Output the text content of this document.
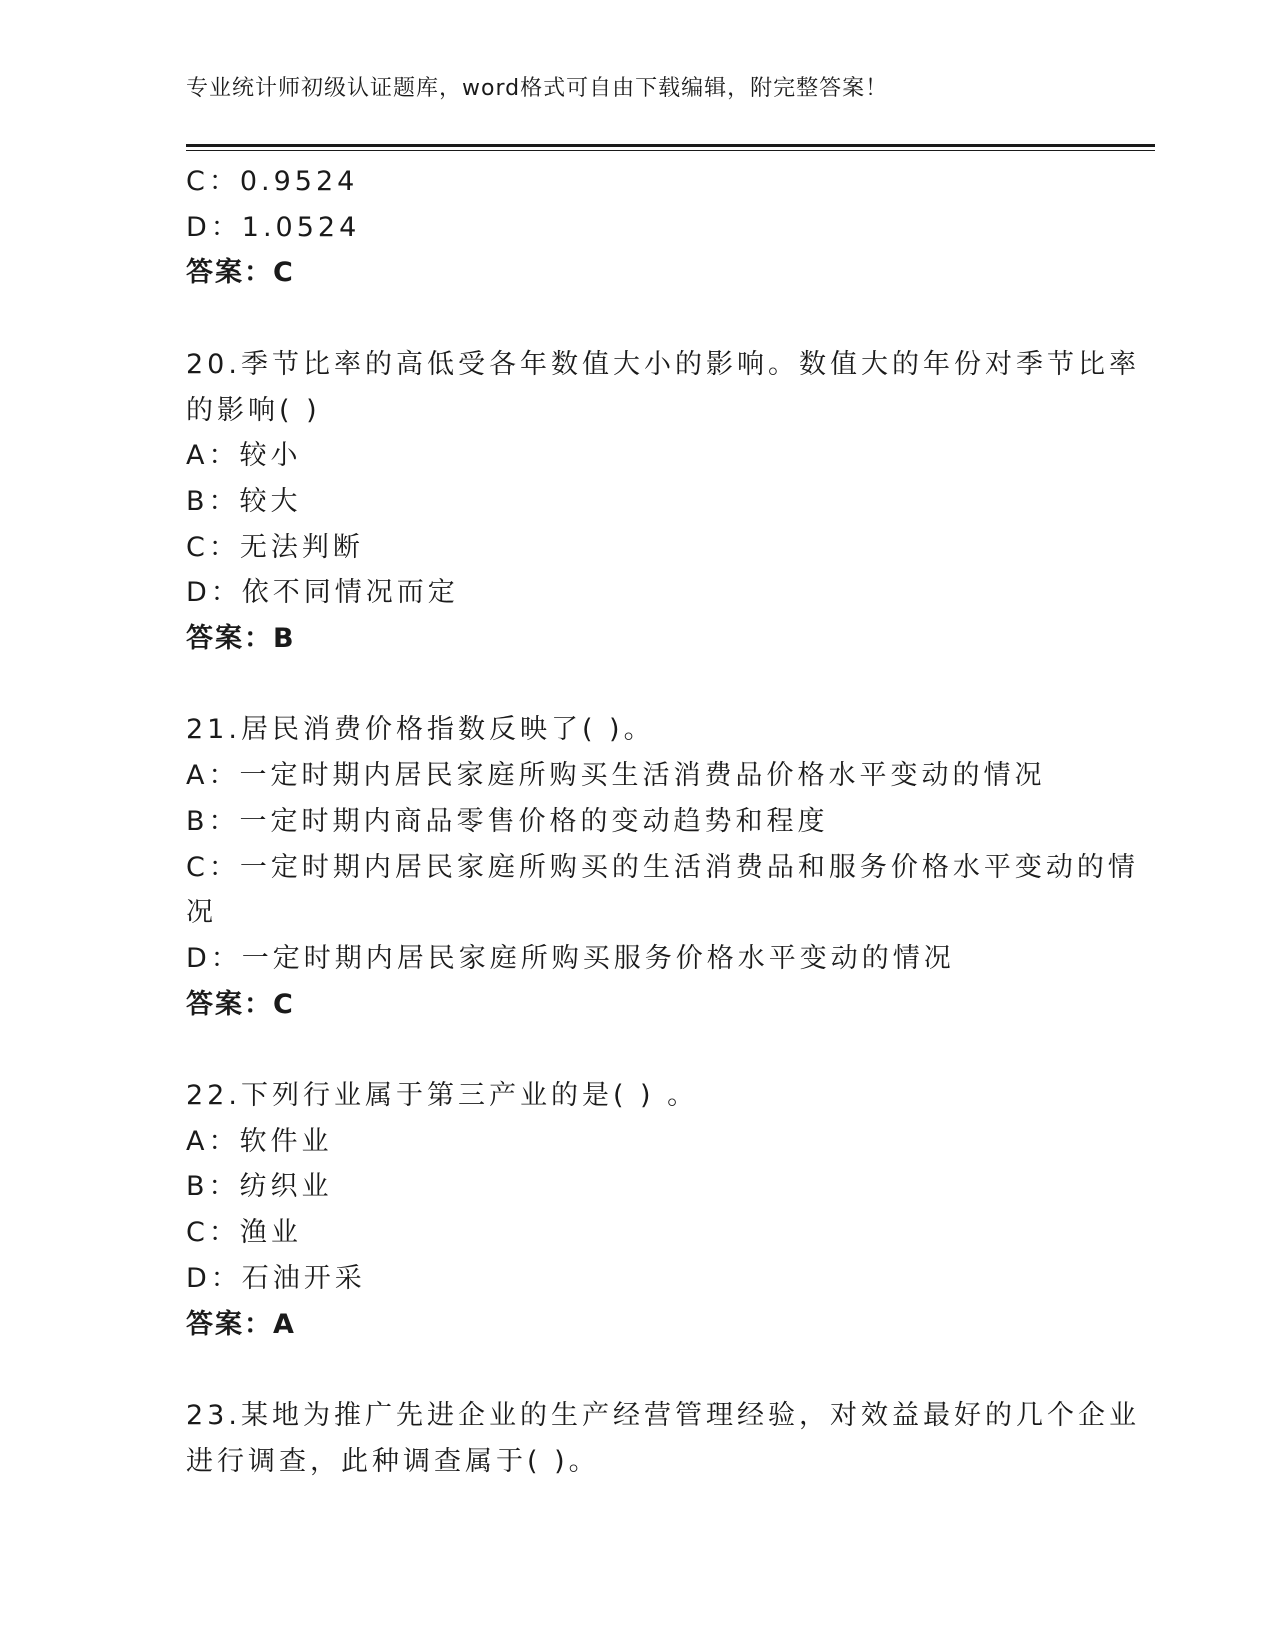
专业统计师初级认证题库，word格式可自由下载编辑，附完整答案！
C：0.9524
D：1.0524
答案：C
20.季节比率的高低受各年数值大小的影响。数值大的年份对季节比率
的影响( )
A：较小
B：较大
C：无法判断
D：依不同情况而定
答案：B
21.居民消费价格指数反映了( )。
A：一定时期内居民家庭所购买生活消费品价格水平变动的情况
B：一定时期内商品零售价格的变动趋势和程度
C：一定时期内居民家庭所购买的生活消费品和服务价格水平变动的情
况
D：一定时期内居民家庭所购买服务价格水平变动的情况
答案：C
22.下列行业属于第三产业的是( ) 。
A：软件业
B：纺织业
C：渔业
D：石油开采
答案：A
23.某地为推广先进企业的生产经营管理经验，对效益最好的几个企业
进行调查，此种调查属于( )。
